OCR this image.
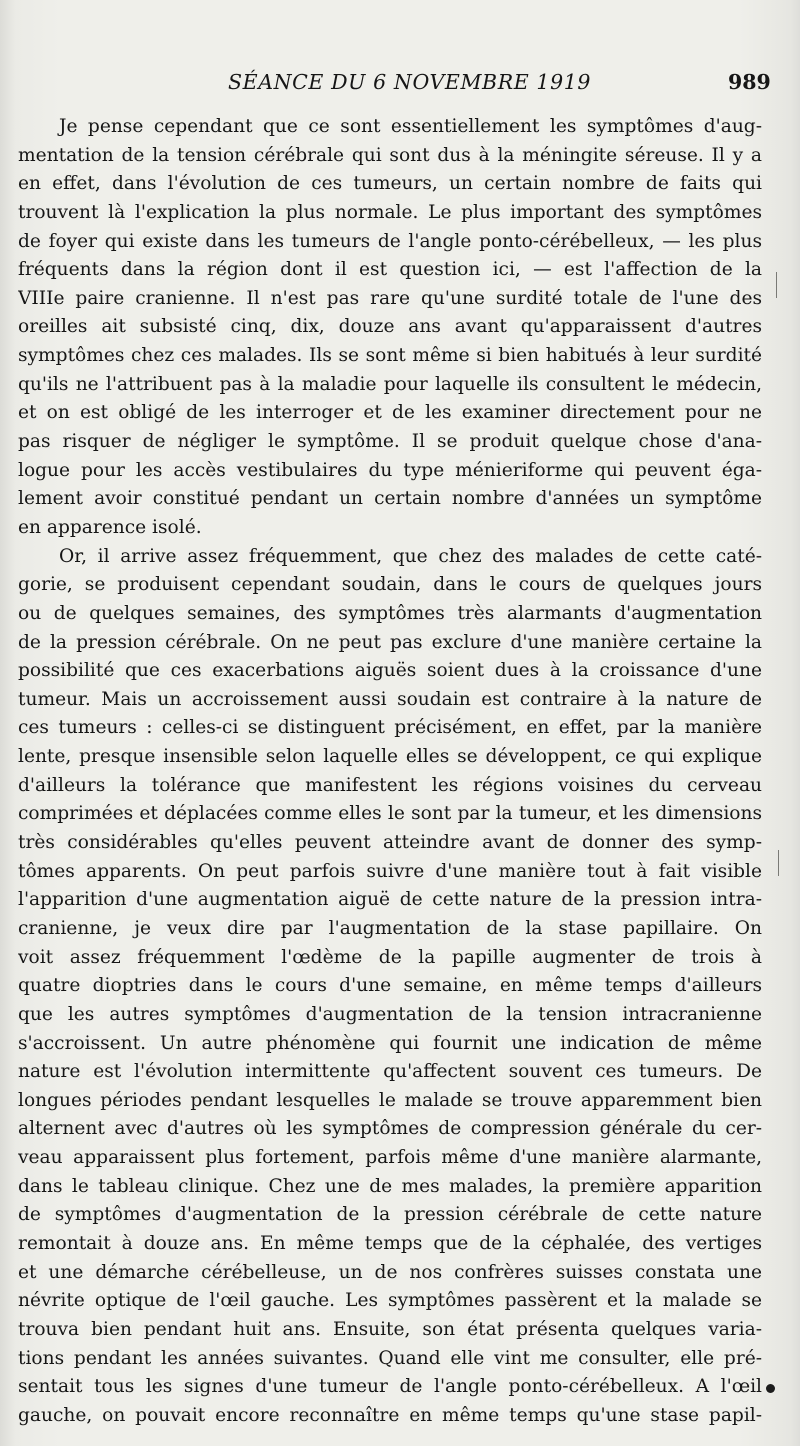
SÉANCE DU 6 NOVEMBRE 1919	989
Je pense cependant que ce sont essentiellement les symptômes d'aug-
mentation de la tension cérébrale qui sont dus à la méningite séreuse. Il y a
en effet, dans l'évolution de ces tumeurs, un certain nombre de faits qui
trouvent là l'explication la plus normale. Le plus important des symptômes
de foyer qui existe dans les tumeurs de l'angle ponto-cérébelleux, — les plus
fréquents dans la région dont il est question ici, — est l'affection de la
VIIIe paire cranienne. Il n'est pas rare qu'une surdité totale de l'une des
oreilles ait subsisté cinq, dix, douze ans avant qu'apparaissent d'autres
symptômes chez ces malades. Ils se sont même si bien habitués à leur surdité
qu'ils ne l'attribuent pas à la maladie pour laquelle ils consultent le médecin,
et on est obligé de les interroger et de les examiner directement pour ne
pas risquer de négliger le symptôme. Il se produit quelque chose d'ana-
logue pour les accès vestibulaires du type ménieriforme qui peuvent éga-
lement avoir constitué pendant un certain nombre d'années un symptôme
en apparence isolé.
Or, il arrive assez fréquemment, que chez des malades de cette caté-
gorie, se produisent cependant soudain, dans le cours de quelques jours
ou de quelques semaines, des symptômes très alarmants d'augmentation
de la pression cérébrale. On ne peut pas exclure d'une manière certaine la
possibilité que ces exacerbations aiguës soient dues à la croissance d'une
tumeur. Mais un accroissement aussi soudain est contraire à la nature de
ces tumeurs : celles-ci se distinguent précisément, en effet, par la manière
lente, presque insensible selon laquelle elles se développent, ce qui explique
d'ailleurs la tolérance que manifestent les régions voisines du cerveau
comprimées et déplacées comme elles le sont par la tumeur, et les dimensions
très considérables qu'elles peuvent atteindre avant de donner des symp-
tômes apparents. On peut parfois suivre d'une manière tout à fait visible
l'apparition d'une augmentation aiguë de cette nature de la pression intra-
cranienne, je veux dire par l'augmentation de la stase papillaire. On
voit assez fréquemment l'œdème de la papille augmenter de trois à
quatre dioptries dans le cours d'une semaine, en même temps d'ailleurs
que les autres symptômes d'augmentation de la tension intracranienne
s'accroissent. Un autre phénomène qui fournit une indication de même
nature est l'évolution intermittente qu'affectent souvent ces tumeurs. De
longues périodes pendant lesquelles le malade se trouve apparemment bien
alternent avec d'autres où les symptômes de compression générale du cer-
veau apparaissent plus fortement, parfois même d'une manière alarmante,
dans le tableau clinique. Chez une de mes malades, la première apparition
de symptômes d'augmentation de la pression cérébrale de cette nature
remontait à douze ans. En même temps que de la céphalée, des vertiges
et une démarche cérébelleuse, un de nos confrères suisses constata une
névrite optique de l'œil gauche. Les symptômes passèrent et la malade se
trouva bien pendant huit ans. Ensuite, son état présenta quelques varia-
tions pendant les années suivantes. Quand elle vint me consulter, elle pré-
sentait tous les signes d'une tumeur de l'angle ponto-cérébelleux. A l'œil
gauche, on pouvait encore reconnaître en même temps qu'une stase papil-
